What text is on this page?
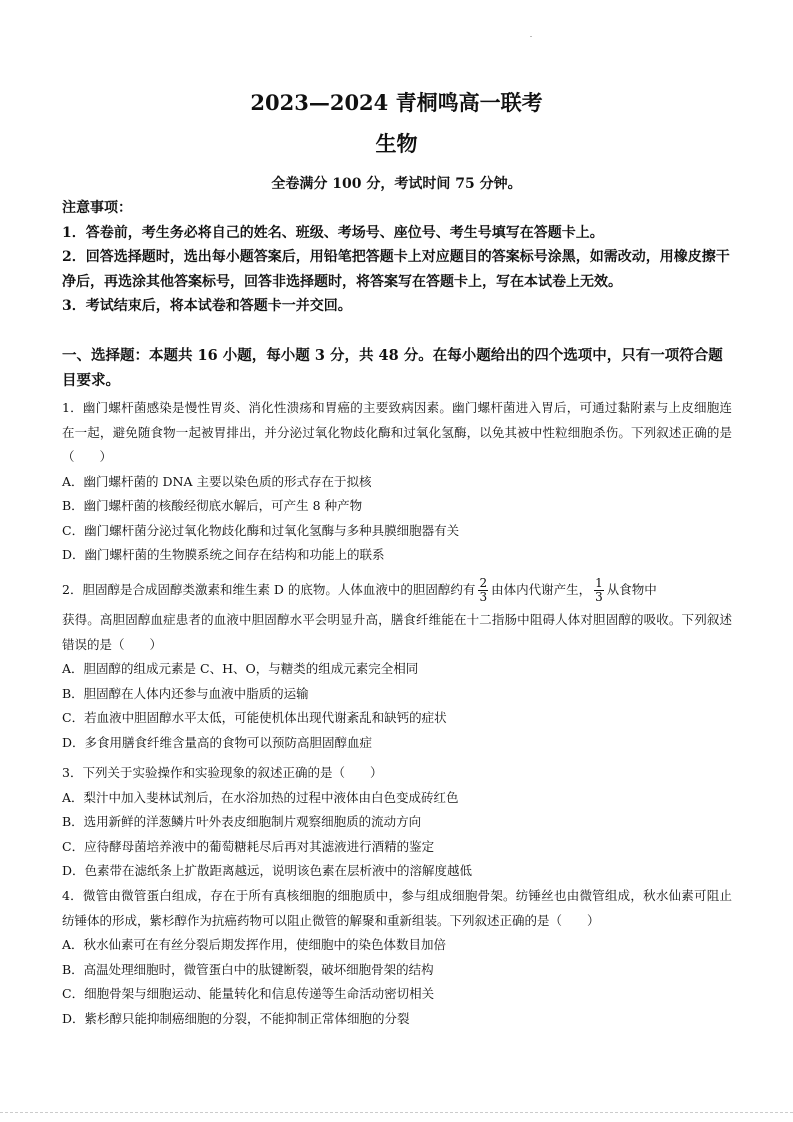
2023—2024 青桐鸣高一联考
生物
全卷满分 100 分，考试时间 75 分钟。

注意事项：

1．答卷前，考生务必将自己的姓名、班级、考场号、座位号、考生号填写在答题卡上。

2．回答选择题时，选出每小题答案后，用铅笔把答题卡上对应题目的答案标号涂黑，如需改动，用橡皮擦干净后，再选涂其他答案标号，回答非选择题时，将答案写在答题卡上，写在本试卷上无效。

3．考试结束后，将本试卷和答题卡一并交回。

一、选择题：本题共 16 小题，每小题 3 分，共 48 分。在每小题给出的四个选项中，只有一项符合题目要求。

1．幽门螺杆菌感染是慢性胃炎、消化性溃疡和胃癌的主要致病因素。幽门螺杆菌进入胃后，可通过黏附素与上皮细胞连在一起，避免随食物一起被胃排出，并分泌过氧化物歧化酶和过氧化氢酶，以免其被中性粒细胞杀伤。下列叙述正确的是（　　）

A．幽门螺杆菌的 DNA 主要以染色质的形式存在于拟核

B．幽门螺杆菌的核酸经彻底水解后，可产生 8 种产物

C．幽门螺杆菌分泌过氧化物歧化酶和过氧化氢酶与多种具膜细胞器有关

D．幽门螺杆菌的生物膜系统之间存在结构和功能上的联系

2．胆固醇是合成固醇类激素和维生素 D 的底物。人体血液中的胆固醇约有 $\frac{2}{3}$ 由体内代谢产生， $\frac{1}{3}$ 从食物中

获得。高胆固醇血症患者的血液中胆固醇水平会明显升高，膳食纤维能在十二指肠中阻碍人体对胆固醇的吸收。下列叙述错误的是（　　）

A．胆固醇的组成元素是 C、H、O，与糖类的组成元素完全相同

B．胆固醇在人体内还参与血液中脂质的运输

C．若血液中胆固醇水平太低，可能使机体出现代谢紊乱和缺钙的症状

D．多食用膳食纤维含量高的食物可以预防高胆固醇血症

3．下列关于实验操作和实验现象的叙述正确的是（　　）

A．梨汁中加入斐林试剂后，在水浴加热的过程中液体由白色变成砖红色

B．选用新鲜的洋葱鳞片叶外表皮细胞制片观察细胞质的流动方向

C．应待酵母菌培养液中的葡萄糖耗尽后再对其滤液进行酒精的鉴定

D．色素带在滤纸条上扩散距离越远，说明该色素在层析液中的溶解度越低

4．微管由微管蛋白组成，存在于所有真核细胞的细胞质中，参与组成细胞骨架。纺锤丝也由微管组成，秋水仙素可阻止纺锤体的形成，紫杉醇作为抗癌药物可以阻止微管的解聚和重新组装。下列叙述正确的是（　　）

A．秋水仙素可在有丝分裂后期发挥作用，使细胞中的染色体数目加倍

B．高温处理细胞时，微管蛋白中的肽键断裂，破坏细胞骨架的结构

C．细胞骨架与细胞运动、能量转化和信息传递等生命活动密切相关

D．紫杉醇只能抑制癌细胞的分裂，不能抑制正常体细胞的分裂
